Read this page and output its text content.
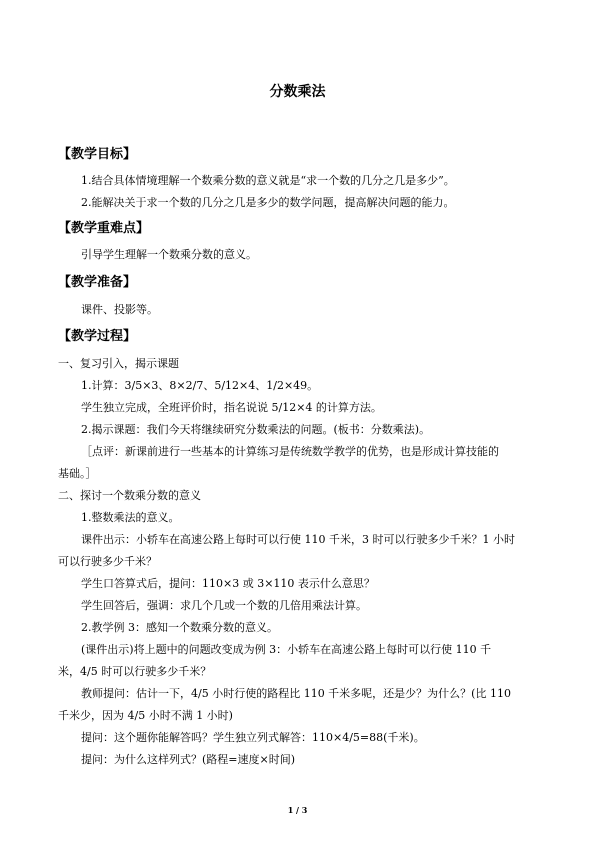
分数乘法
【教学目标】
1.结合具体情境理解一个数乘分数的意义就是“求一个数的几分之几是多少”。
2.能解决关于求一个数的几分之几是多少的数学问题，提高解决问题的能力。
【教学重难点】
引导学生理解一个数乘分数的意义。
【教学准备】
课件、投影等。
【教学过程】
一、复习引入，揭示课题
1.计算：3/5×3、8×2/7、5/12×4、1/2×49。
学生独立完成，全班评价时，指名说说 5/12×4 的计算方法。
2.揭示课题：我们今天将继续研究分数乘法的问题。(板书：分数乘法)。
［点评：新课前进行一些基本的计算练习是传统数学教学的优势，也是形成计算技能的
基础。］
二、探讨一个数乘分数的意义
1.整数乘法的意义。
课件出示：小轿车在高速公路上每时可以行使 110 千米，3 时可以行驶多少千米？1 小时
可以行驶多少千米？
学生口答算式后，提问：110×3 或 3×110 表示什么意思？
学生回答后，强调：求几个几或一个数的几倍用乘法计算。
2.教学例 3：感知一个数乘分数的意义。
(课件出示)将上题中的问题改变成为例 3：小轿车在高速公路上每时可以行使 110 千
米，4/5 时可以行驶多少千米？
教师提问：估计一下，4/5 小时行使的路程比 110 千米多呢，还是少？为什么？(比 110
千米少，因为 4/5 小时不满 1 小时)
提问：这个题你能解答吗？学生独立列式解答：110×4/5=88(千米)。
提问：为什么这样列式？(路程=速度×时间)
1 / 3
